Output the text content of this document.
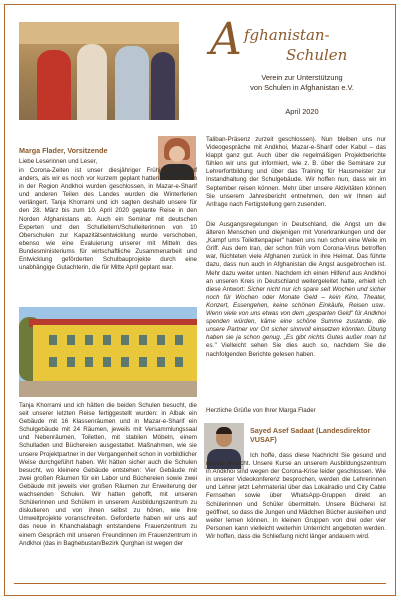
A fghanistan-
Schulen
Verein zur Unterstützung
von Schulen in Afghanistan e.V.
April 2020
Marga Flader, Vorsitzende
Liebe Leserinnen und Leser,
in Corona-Zeiten ist unser diesjähriger Frühjahrsrundbrief anders, als wir es noch vor kurzem geplant hatten. Die Schulen in der Region Andkhoi wurden geschlossen, in Mazar-e-Sharif und anderen Teilen des Landes wurden die Winterferien verlängert. Tanja Khorrami und ich sagten deshalb unsere für den 28. März bis zum 10. April 2020 geplante Reise in den Norden Afghanistans ab. Auch ein Seminar mit deutschen Experten und den Schulleitern/Schulleiterinnen von 10 Oberschulen zur Kapazitätsentwicklung wurde verschoben, ebenso wie eine Evaluierung unserer mit Mitteln des Bundesministeriums für wirtschaftliche Zusammenarbeit und Entwicklung geförderten Schulbauprojekte durch eine unabhängige Gutachterin, die für Mitte April geplant war.
Tanja Khorrami und ich hätten die beiden Schulen besucht, die seit unserer letzten Reise fertiggestellt wurden: in Albak ein Gebäude mit 16 Klassenräumen und in Mazar-e-Sharif ein Schulgebäude mit 24 Räumen, jeweils mit Versammlungssaal und Nebenräumen, Toiletten, mit stabilen Möbeln, einem Schulladen und Büchereien ausgestattet. Maßnahmen, wie sie unsere Projektpartner in der Vergangenheit schon in vorbildlicher Weise durchgeführt haben. Wir hätten sicher auch die Schulen besucht, wo kleinere Gebäude entstehen: Vier Gebäude mit zwei großen Räumen für ein Labor und Büchereien sowie zwei Gebäude mit jeweils vier großen Räumen zur Erweiterung der wachsenden Schulen. Wir hatten gehofft, mit unseren Schülerinnen und Schülern in unserem Ausbildungszentrum zu diskutieren und von ihnen selbst zu hören, wie ihre Umweltprojekte voranschreiten. Geforderte haben wir uns auf das neue in Khanchalabagh entstandene Frauenzentrum zu einem Gespräch mit unseren Freundinnen im Frauenzentrum in Andkhoi (das in Baghebustan/Bezirk Qurghan ist wegen der
Taliban-Präsenz zurzeit geschlossen). Nun bleiben uns nur Videogespräche mit Andkhoi, Mazar-e-Sharif oder Kabul – das klappt ganz gut. Auch über die regelmäßigen Projektberichte fühlen wir uns gut informiert, wie z. B. über die Seminare zur Lehrerfortbildung und über das Training für Hausmeister zur Instandhaltung der Schulgebäude. Wir hoffen nun, dass wir im September reisen können. Mehr über unsere Aktivitäten können Sie unserem Jahresbericht entnehmen, den wir Ihnen auf Anfrage nach Fertigstellung gern zusenden.
Die Ausgangsregelungen in Deutschland, die Angst um die älteren Menschen und diejenigen mit Vorerkrankungen und der „Kampf ums Toilettenpapier" haben uns nun schon eine Weile im Griff. Aus dem Iran, der schon früh vom Corona-Virus betroffen war, flüchteten viele Afghanen zurück in ihre Heimat. Das führte dazu, dass nun auch in Afghanistan die Angst ausgebrochen ist. Mehr dazu weiter unten. Nachdem ich einen Hilferuf aus Andkhoi an unseren Kreis in Deutschland weitergeleitet hatte, erhielt ich diese Antwort: Sicher nicht nur ich spare seit Wochen und sicher noch für Wochen oder Monate Geld – kein Kino, Theater, Konzert, Essengehen, keine schönen Einkäufe, Reisen usw.. Wenn viele von uns etwas von dem „gesparten Geld" für Andkhoi spenden würden, käme eine schöne Summe zustande, die unsere Partner vor Ort sicher sinnvoll einsetzen könnten. Übung haben sie ja schon genug. „Es gibt nichts Gutes außer man tut es." Vielleicht sehen Sie dies auch so, nachdem Sie die nachfolgenden Berichte gelesen haben.
Herzliche Grüße von Ihrer Marga Flader
Sayed Asef Sadaat (Landesdirektor
VUSAF)
Ich hoffe, dass diese Nachricht Sie gesund und munter erreicht. Unsere Kurse an unserem Ausbildungszentrum in Andkhoi sind wegen der Corona-Krise leider geschlossen. Wie in unserer Videokonferenz besprochen, werden die Lehrerinnen und Lehrer jetzt Lehrmaterial über das Lokalradio und City Cable Fernsehen sowie über WhatsApp-Gruppen direkt an Schülerinnen und Schüler übermitteln. Unsere Bücherei ist geöffnet, so dass die Jungen und Mädchen Bücher ausleihen und weiter lernen können. In kleinen Gruppen von drei oder vier Personen kann vielleicht weiterhin Unterricht angeboten werden. Wir hoffen, dass die Schließung nicht länger andauern wird.
